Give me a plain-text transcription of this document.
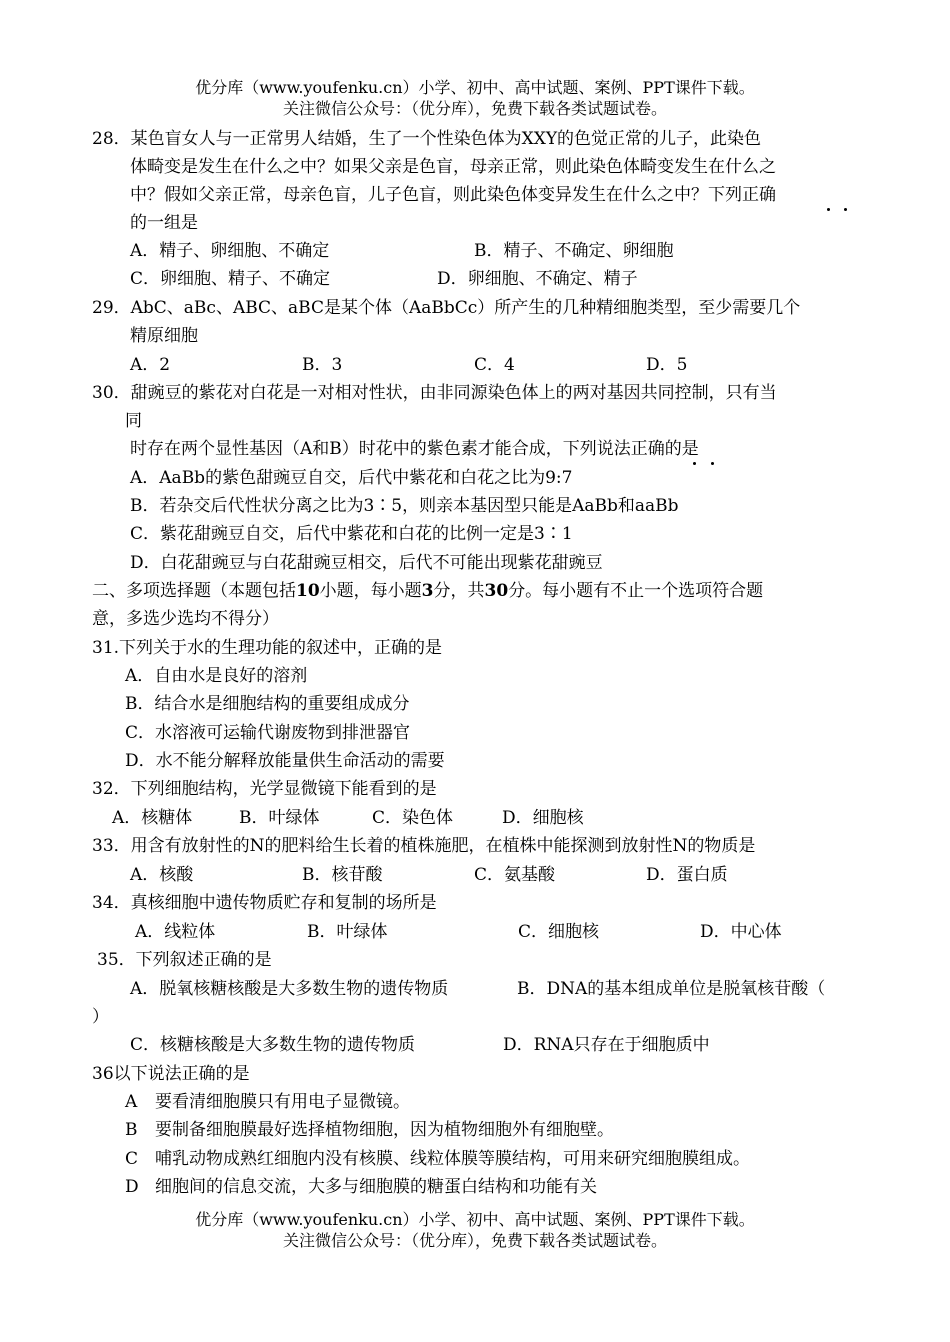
优分库（www.youfenku.cn）小学、初中、高中试题、案例、PPT课件下载。
关注微信公众号：（优分库），免费下载各类试题试卷。
28．某色盲女人与一正常男人结婚，生了一个性染色体为XXY的色觉正常的儿子，此染色
体畸变是发生在什么之中？如果父亲是色盲，母亲正常，则此染色体畸变发生在什么之
中？假如父亲正常，母亲色盲，儿子色盲，则此染色体变异发生在什么之中？下列正确
的一组是
A．精子、卵细胞、不确定	B．精子、不确定、卵细胞
C．卵细胞、精子、不确定	D．卵细胞、不确定、精子
29．AbC、aBc、ABC、aBC是某个体（AaBbCc）所产生的几种精细胞类型，至少需要几个
精原细胞
A．2	B．3	C．4	D．5
30．甜豌豆的紫花对白花是一对相对性状，由非同源染色体上的两对基因共同控制，只有当
同
时存在两个显性基因（A和B）时花中的紫色素才能合成，下列说法正确的是
A．AaBb的紫色甜豌豆自交，后代中紫花和白花之比为9:7
B．若杂交后代性状分离之比为3∶5，则亲本基因型只能是AaBb和aaBb
C．紫花甜豌豆自交，后代中紫花和白花的比例一定是3∶1
D．白花甜豌豆与白花甜豌豆相交，后代不可能出现紫花甜豌豆
二、多项选择题（本题包括10小题，每小题3分，共30分。每小题有不止一个选项符合题
意，多选少选均不得分）
31.下列关于水的生理功能的叙述中，正确的是
A．自由水是良好的溶剂
B．结合水是细胞结构的重要组成成分
C．水溶液可运输代谢废物到排泄器官
D．水不能分解释放能量供生命活动的需要
32．下列细胞结构，光学显微镜下能看到的是
A．核糖体	B．叶绿体	C．染色体	D．细胞核
33．用含有放射性的N的肥料给生长着的植株施肥，在植株中能探测到放射性N的物质是
A．核酸	B．核苷酸	C．氨基酸	D．蛋白质
34．真核细胞中遗传物质贮存和复制的场所是
A．线粒体	B．叶绿体	C．细胞核	D．中心体
35．下列叙述正确的是
A．脱氧核糖核酸是大多数生物的遗传物质	B．DNA的基本组成单位是脱氧核苷酸（
）
C．核糖核酸是大多数生物的遗传物质	D．RNA只存在于细胞质中
36以下说法正确的是
A 要看清细胞膜只有用电子显微镜。
B 要制备细胞膜最好选择植物细胞，因为植物细胞外有细胞壁。
C 哺乳动物成熟红细胞内没有核膜、线粒体膜等膜结构，可用来研究细胞膜组成。
D 细胞间的信息交流，大多与细胞膜的糖蛋白结构和功能有关
优分库（www.youfenku.cn）小学、初中、高中试题、案例、PPT课件下载。
关注微信公众号：（优分库），免费下载各类试题试卷。
